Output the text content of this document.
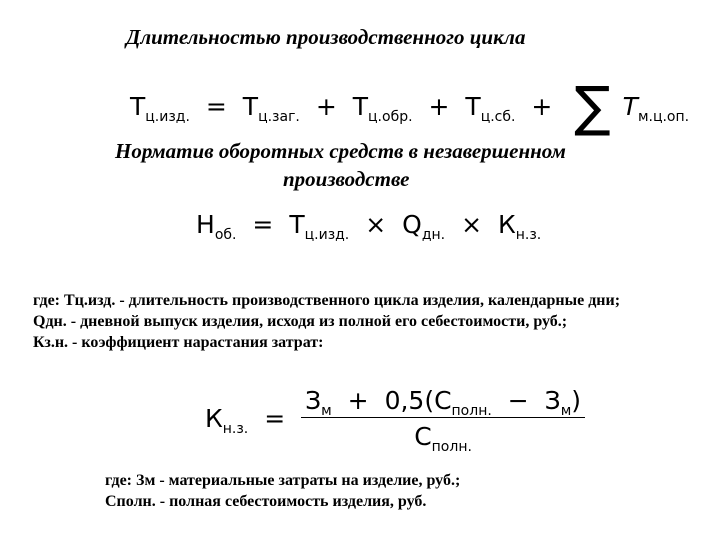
Длительностью производственного цикла
$Т_{ц.изд.} = Т_{ц.заг.} + Т_{ц.обр.} + Т_{ц.сб.}$ + ∑ $T_{м.ц.оп.}$
Норматив оборотных средств в незавершенном
производстве
$Н_{об.} = Т_{ц.изд.} \times Q_{дн.} \times К_{н.з.}$

где: Тц.изд. - длительность производственного цикла изделия, календарные дни;

Qдн. - дневной выпуск изделия, исходя из полной его себестоимости, руб.;

Кз.н. - коэффициент нарастания затрат:

$К_{н.з.} = \frac{З_м + 0,5(С_{полн.} - З_м)}{С_{полн.}}$

где: Зм - материальные затраты на изделие, руб.;

Сполн. - полная себестоимость изделия, руб.
